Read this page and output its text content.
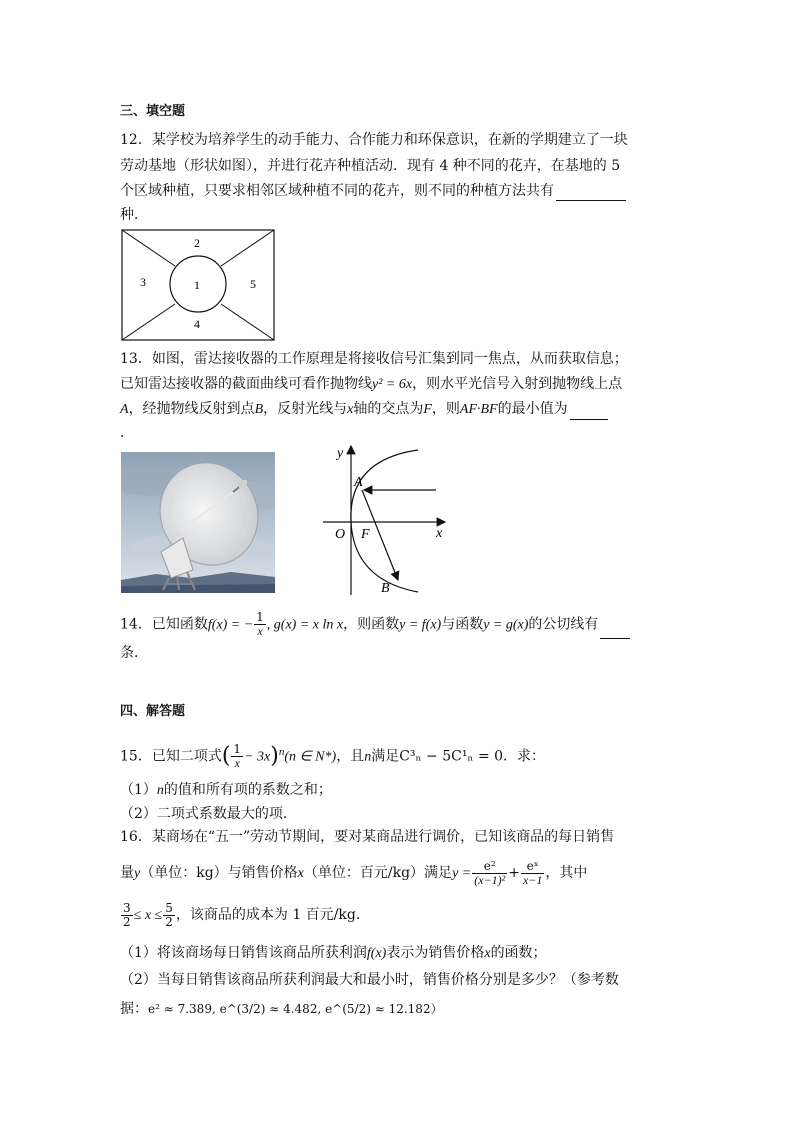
三、填空题
12．某学校为培养学生的动手能力、合作能力和环保意识，在新的学期建立了一块
劳动基地（形状如图），并进行花卉种植活动．现有 4 种不同的花卉，在基地的 5
个区域种植，只要求相邻区域种植不同的花卉，则不同的种植方法共有
种．
1
2
3
4
5
13．如图，雷达接收器的工作原理是将接收信号汇集到同一焦点，从而获取信息；
已知雷达接收器的截面曲线可看作抛物线y² = 6x，则水平光信号入射到抛物线上点
A，经抛物线反射到点B，反射光线与x轴的交点为F，则AF·BF的最小值为
．
y
x
O F
A
B
14．已知函数f(x) = − $\frac{1}{x}$ , g(x) = x ln x，则函数y = f(x)与函数y = g(x)的公切线有
条．
四、解答题
15．已知二项式( $\frac{1}{x} - 3x)^n(n$ ∈ N*)，且n满足C³ₙ − 5C¹ₙ = 0．求：
（1）n的值和所有项的系数之和；
（2）二项式系数最大的项．
16．某商场在“五一”劳动节期间，要对某商品进行调价，已知该商品的每日销售
量y（单位：kg）与销售价格x（单位：百元/kg）满足$y = \frac{\text{e²}}{\text{(x−1)²}} + \frac{\text{eˣ}}{x-1}$ ，其中
$\frac{3}{2} \le x \le \frac{5}{2}$ ，该商品的成本为 1 百元/kg．
（1）将该商场每日销售该商品所获利润f(x)表示为销售价格x的函数；
（2）当每日销售该商品所获利润最大和最小时，销售价格分别是多少？（参考数
据：e² ≈ 7.389, e^(3/2) ≈ 4.482, e^(5/2) ≈ 12.182）
